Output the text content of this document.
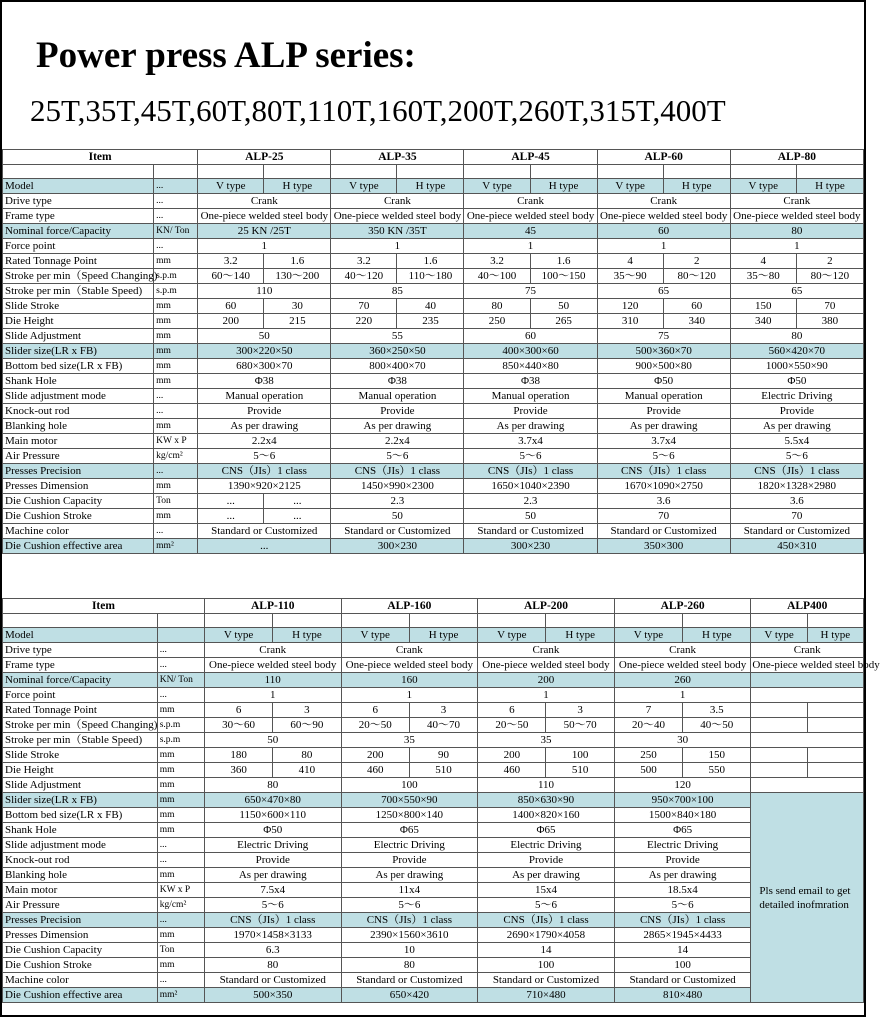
Power press ALP series:
25T,35T,45T,60T,80T,110T,160T,200T,260T,315T,400T
Item		ALP-25		ALP-35		ALP-45		ALP-60		ALP-80	

Model	...	V type	H type	V type	H type	V type	H type	V type	H type	V type	H type
Drive type	...	Crank		Crank		Crank		Crank		Crank	
Frame type	...	One-piece welded steel body		One-piece welded steel body		One-piece welded steel body		One-piece welded steel body		One-piece welded steel body	
Nominal force/Capacity	KN/ Ton	25 KN /25T		350 KN /35T		45		60		80	
Force point	...	1		1		1		1		1	
Rated Tonnage Point	mm	3.2	1.6	3.2	1.6	3.2	1.6	4	2	4	2
Stroke per min（Speed Changing)	s.p.m	60～140	130～200	40～120	110～180	40～100	100～150	35～90	80～120	35～80	80～120
Stroke per min（Stable Speed)	s.p.m	110		85		75		65		65	
Slide Stroke	mm	60	30	70	40	80	50	120	60	150	70
Die Height	mm	200	215	220	235	250	265	310	340	340	380
Slide Adjustment	mm	50		55		60		75		80	
Slider size(LR x FB)	mm	300×220×50		360×250×50		400×300×60		500×360×70		560×420×70	
Bottom bed size(LR x FB)	mm	680×300×70		800×400×70		850×440×80		900×500×80		1000×550×90	
Shank Hole	mm	Φ38		Φ38		Φ38		Φ50		Φ50	
Slide adjustment mode	...	Manual operation		Manual operation		Manual operation		Manual operation		Electric Driving	
Knock-out rod	...	Provide		Provide		Provide		Provide		Provide	
Blanking hole	mm	As per drawing		As per drawing		As per drawing		As per drawing		As per drawing	
Main motor	KW x P	2.2x4		2.2x4		3.7x4		3.7x4		5.5x4	
Air Pressure	kg/cm²	5～6		5～6		5～6		5～6		5～6	
Presses Precision	...	CNS（JIs）1 class		CNS（JIs）1 class		CNS（JIs）1 class		CNS（JIs）1 class		CNS（JIs）1 class	
Presses Dimension	mm	1390×920×2125		1450×990×2300		1650×1040×2390		1670×1090×2750		1820×1328×2980	
Die Cushion Capacity	Ton	...	...	2.3		2.3		3.6		3.6	
Die Cushion Stroke	mm	...	...	50		50		70		70	
Machine color	...	Standard or Customized		Standard or Customized		Standard or Customized		Standard or Customized		Standard or Customized	
Die Cushion effective area	mm²	...		300×230		300×230		350×300		450×310	
Item		ALP-110		ALP-160		ALP-200		ALP-260		ALP400	

Model		V type	H type	V type	H type	V type	H type	V type	H type	V type	H type
Drive type	...	Crank		Crank		Crank		Crank		Crank	
Frame type	...	One-piece welded steel body		One-piece welded steel body		One-piece welded steel body		One-piece welded steel body		One-piece welded steel body	
Nominal force/Capacity	KN/ Ton	110		160		200		260			
Force point	...	1		1		1		1			
Rated Tonnage Point	mm	6	3	6	3	6	3	7	3.5		
Stroke per min（Speed Changing)	s.p.m	30～60	60～90	20～50	40～70	20～50	50～70	20～40	40～50		
Stroke per min（Stable Speed)	s.p.m	50		35		35		30			
Slide Stroke	mm	180	80	200	90	200	100	250	150		
Die Height	mm	360	410	460	510	460	510	500	550		
Slide Adjustment	mm	80		100		110		120			
Slider size(LR x FB)	mm	650×470×80		700×550×90		850×630×90		950×700×100		Pls send email to get detailed inofmration	
Bottom bed size(LR x FB)	mm	1150×600×110		1250×800×140		1400×820×160		1500×840×180			
Shank Hole	mm	Φ50		Φ65		Φ65		Φ65			
Slide adjustment mode	...	Electric Driving		Electric Driving		Electric Driving		Electric Driving			
Knock-out rod	...	Provide		Provide		Provide		Provide			
Blanking hole	mm	As per drawing		As per drawing		As per drawing		As per drawing			
Main motor	KW x P	7.5x4		11x4		15x4		18.5x4			
Air Pressure	kg/cm²	5～6		5～6		5～6		5～6			
Presses Precision	...	CNS（JIs）1 class		CNS（JIs）1 class		CNS（JIs）1 class		CNS（JIs）1 class			
Presses Dimension	mm	1970×1458×3133		2390×1560×3610		2690×1790×4058		2865×1945×4433			
Die Cushion Capacity	Ton	6.3		10		14		14			
Die Cushion Stroke	mm	80		80		100		100			
Machine color	...	Standard or Customized		Standard or Customized		Standard or Customized		Standard or Customized			
Die Cushion effective area	mm²	500×350		650×420		710×480		810×480			
